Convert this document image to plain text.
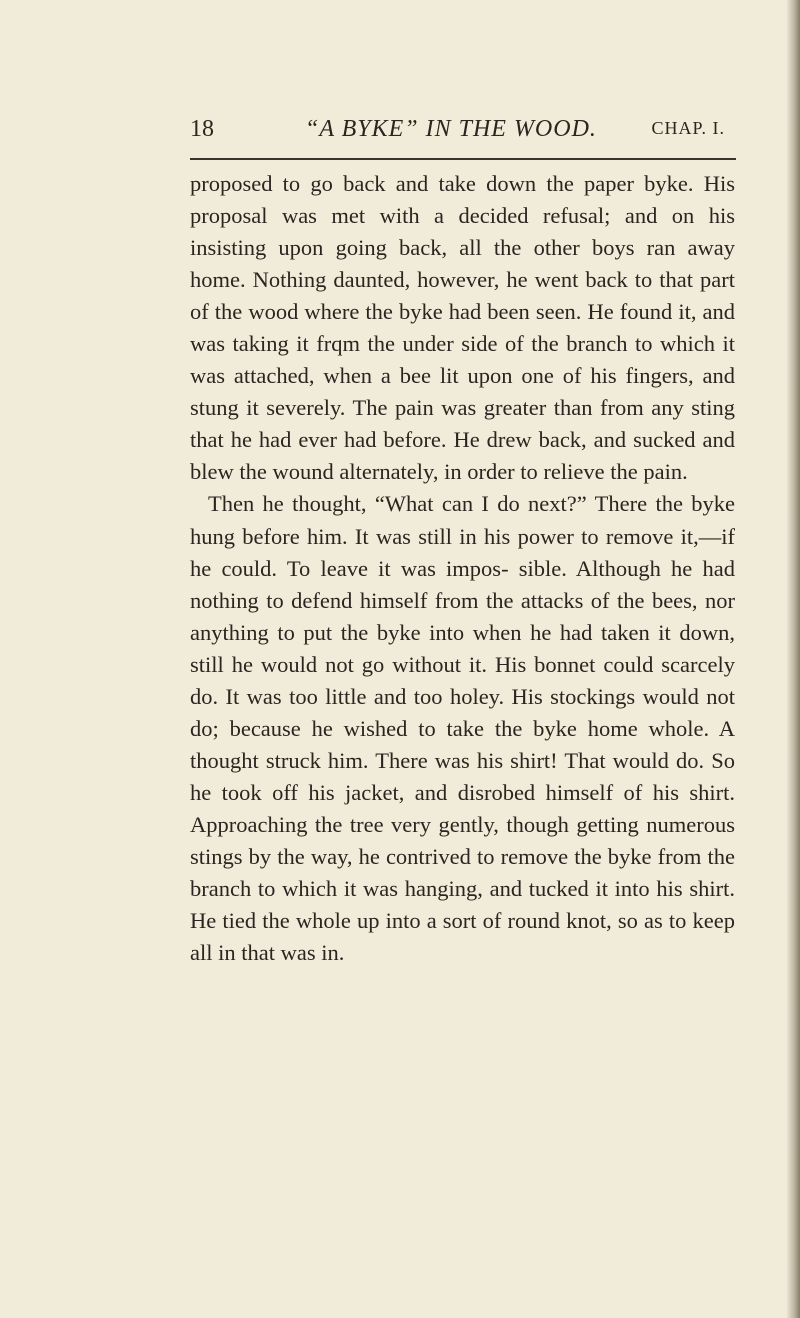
18	“A BYKE” IN THE WOOD.	CHAP. I.

proposed to go back and take down the paper byke. His proposal was met with a decided refusal; and on his insisting upon going back, all the other boys ran away home. Nothing daunted, however, he went back to that part of the wood where the byke had been seen. He found it, and was taking it frqm the under side of the branch to which it was attached, when a bee lit upon one of his fingers, and stung it severely. The pain was greater than from any sting that he had ever had before. He drew back, and sucked and blew the wound alternately, in order to relieve the pain.

Then he thought, “What can I do next?” There the byke hung before him. It was still in his power to remove it,—if he could. To leave it was impos- sible. Although he had nothing to defend himself from the attacks of the bees, nor anything to put the byke into when he had taken it down, still he would not go without it. His bonnet could scarcely do. It was too little and too holey. His stockings would not do; because he wished to take the byke home whole. A thought struck him. There was his shirt! That would do. So he took off his jacket, and disrobed himself of his shirt. Approaching the tree very gently, though getting numerous stings by the way, he contrived to remove the byke from the branch to which it was hanging, and tucked it into his shirt. He tied the whole up into a sort of round knot, so as to keep all in that was in.
